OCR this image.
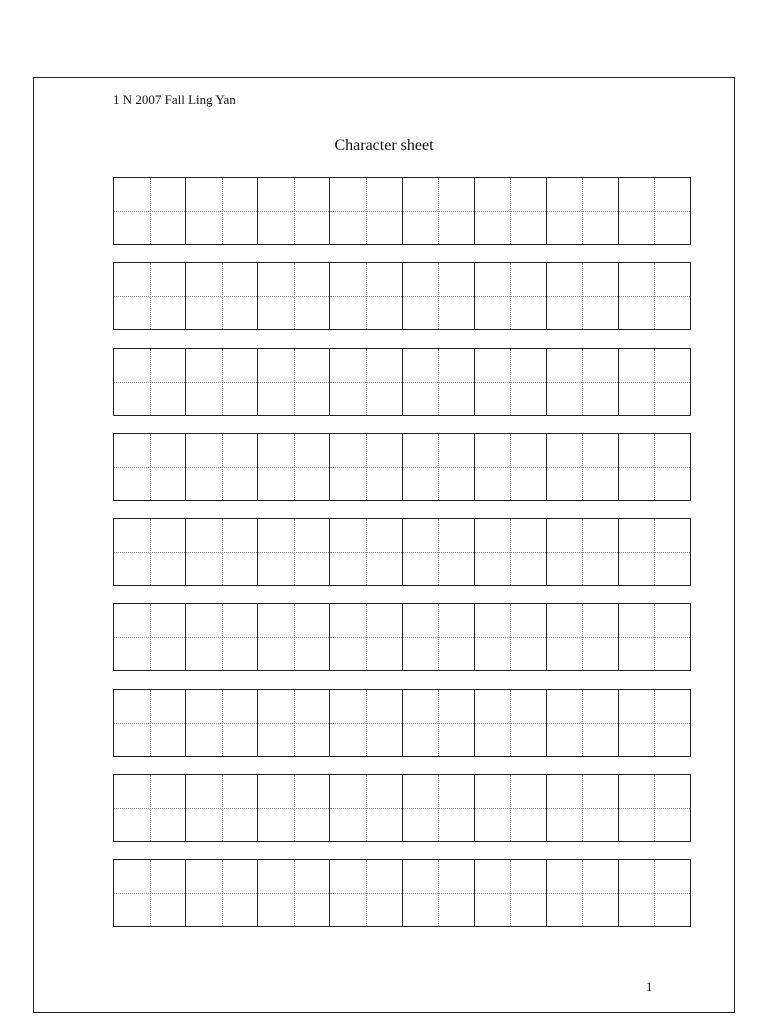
1 N 2007 Fall Ling Yan
Character sheet
1
